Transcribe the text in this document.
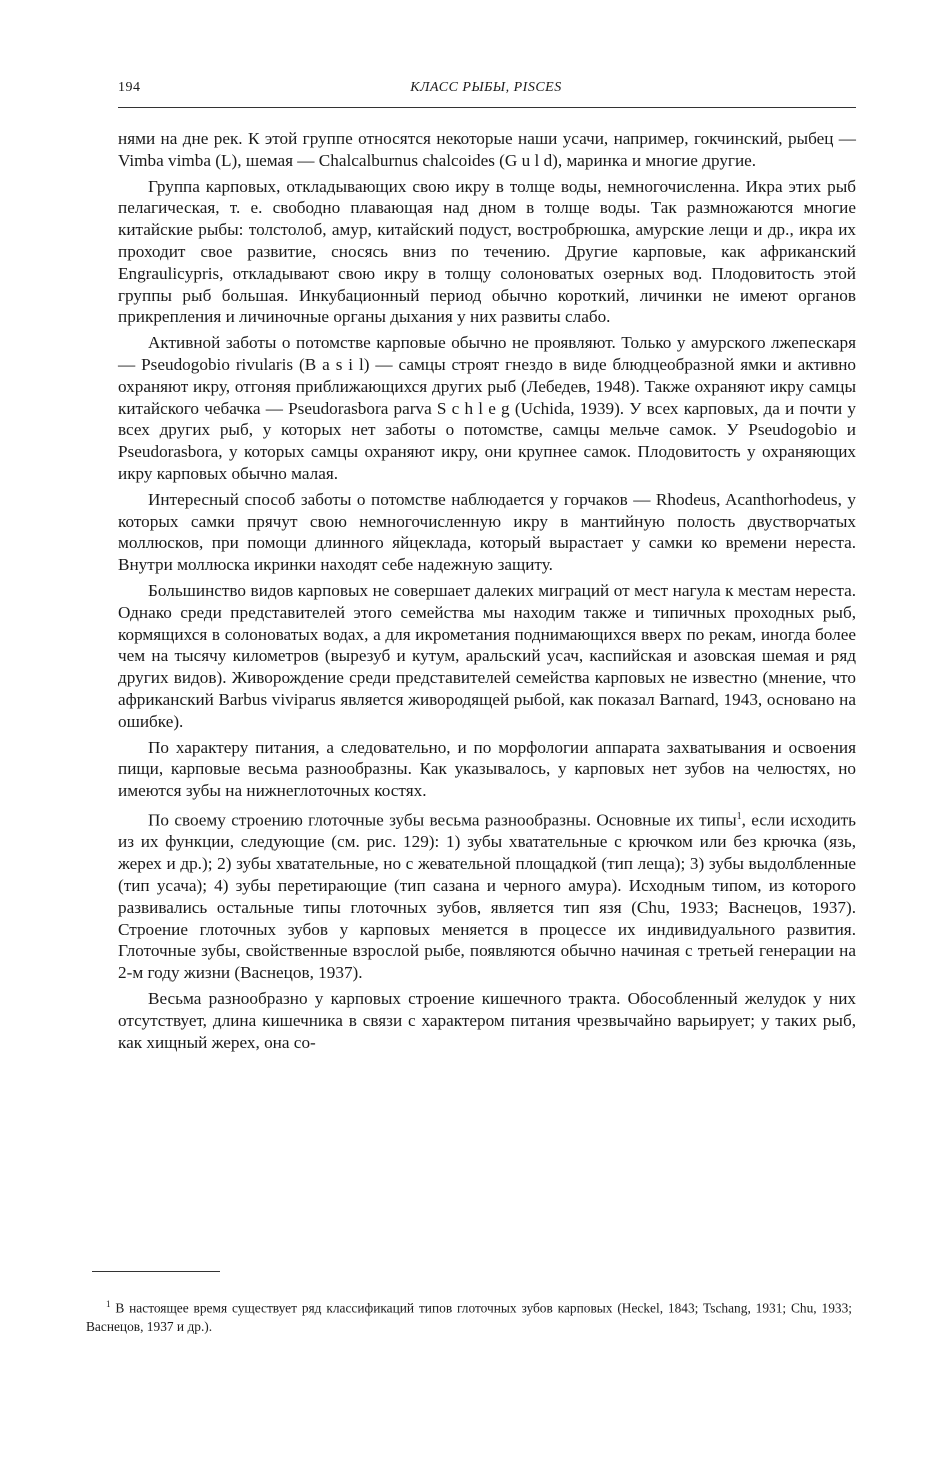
194	КЛАСС РЫБЫ, PISCES

нями на дне рек. К этой группе относятся некоторые наши усачи, например, гокчинский, рыбец — Vimba vimba (L), шемая — Chalcalburnus chalcoides (G u l d), маринка и многие другие.

Группа карповых, откладывающих свою икру в толще воды, немногочисленна. Икра этих рыб пелагическая, т. е. свободно плавающая над дном в толще воды. Так размножаются многие китайские рыбы: толстолоб, амур, китайский подуст, востробрюшка, амурские лещи и др., икра их проходит свое развитие, сносясь вниз по течению. Другие карповые, как африканский Engraulicypris, откладывают свою икру в толщу солоноватых озерных вод. Плодовитость этой группы рыб большая. Инкубационный период обычно короткий, личинки не имеют органов прикрепления и личиночные органы дыхания у них развиты слабо.

Активной заботы о потомстве карповые обычно не проявляют. Только у амурского лжепескаря — Pseudogobio rivularis (B a s i l) — самцы строят гнездо в виде блюдцеобразной ямки и активно охраняют икру, отгоняя приближающихся других рыб (Лебедев, 1948). Также охраняют икру самцы китайского чебачка — Pseudorasbora parva S c h l e g (Uchida, 1939). У всех карповых, да и почти у всех других рыб, у которых нет заботы о потомстве, самцы мельче самок. У Pseudogobio и Pseudorasbora, у которых самцы охраняют икру, они крупнее самок. Плодовитость у охраняющих икру карповых обычно малая.

Интересный способ заботы о потомстве наблюдается у горчаков — Rhodeus, Acanthorhodeus, у которых самки прячут свою немногочисленную икру в мантийную полость двустворчатых моллюсков, при помощи длинного яйцеклада, который вырастает у самки ко времени нереста. Внутри моллюска икринки находят себе надежную защиту.

Большинство видов карповых не совершает далеких миграций от мест нагула к местам нереста. Однако среди представителей этого семейства мы находим также и типичных проходных рыб, кормящихся в солоноватых водах, а для икрометания поднимающихся вверх по рекам, иногда более чем на тысячу километров (вырезуб и кутум, аральский усач, каспийская и азовская шемая и ряд других видов). Живорождение среди представителей семейства карповых не известно (мнение, что африканский Barbus viviparus является живородящей рыбой, как показал Barnard, 1943, основано на ошибке).

По характеру питания, а следовательно, и по морфологии аппарата захватывания и освоения пищи, карповые весьма разнообразны. Как указывалось, у карповых нет зубов на челюстях, но имеются зубы на нижнеглоточных костях.

По своему строению глоточные зубы весьма разнообразны. Основные их типы$^1$, если исходить из их функции, следующие (см. рис. 129): 1) зубы хватательные с крючком или без крючка (язь, жерех и др.); 2) зубы хватательные, но с жевательной площадкой (тип леща); 3) зубы выдолбленные (тип усача); 4) зубы перетирающие (тип сазана и черного амура). Исходным типом, из которого развивались остальные типы глоточных зубов, является тип язя (Chu, 1933; Васнецов, 1937). Строение глоточных зубов у карповых меняется в процессе их индивидуального развития. Глоточные зубы, свойственные взрослой рыбе, появляются обычно начиная с третьей генерации на 2-м году жизни (Васнецов, 1937).

Весьма разнообразно у карповых строение кишечного тракта. Обособленный желудок у них отсутствует, длина кишечника в связи с характером питания чрезвычайно варьирует; у таких рыб, как хищный жерех, она со-

$^1$ В настоящее время существует ряд классификаций типов глоточных зубов карповых (Heckel, 1843; Tschang, 1931; Chu, 1933; Васнецов, 1937 и др.).
